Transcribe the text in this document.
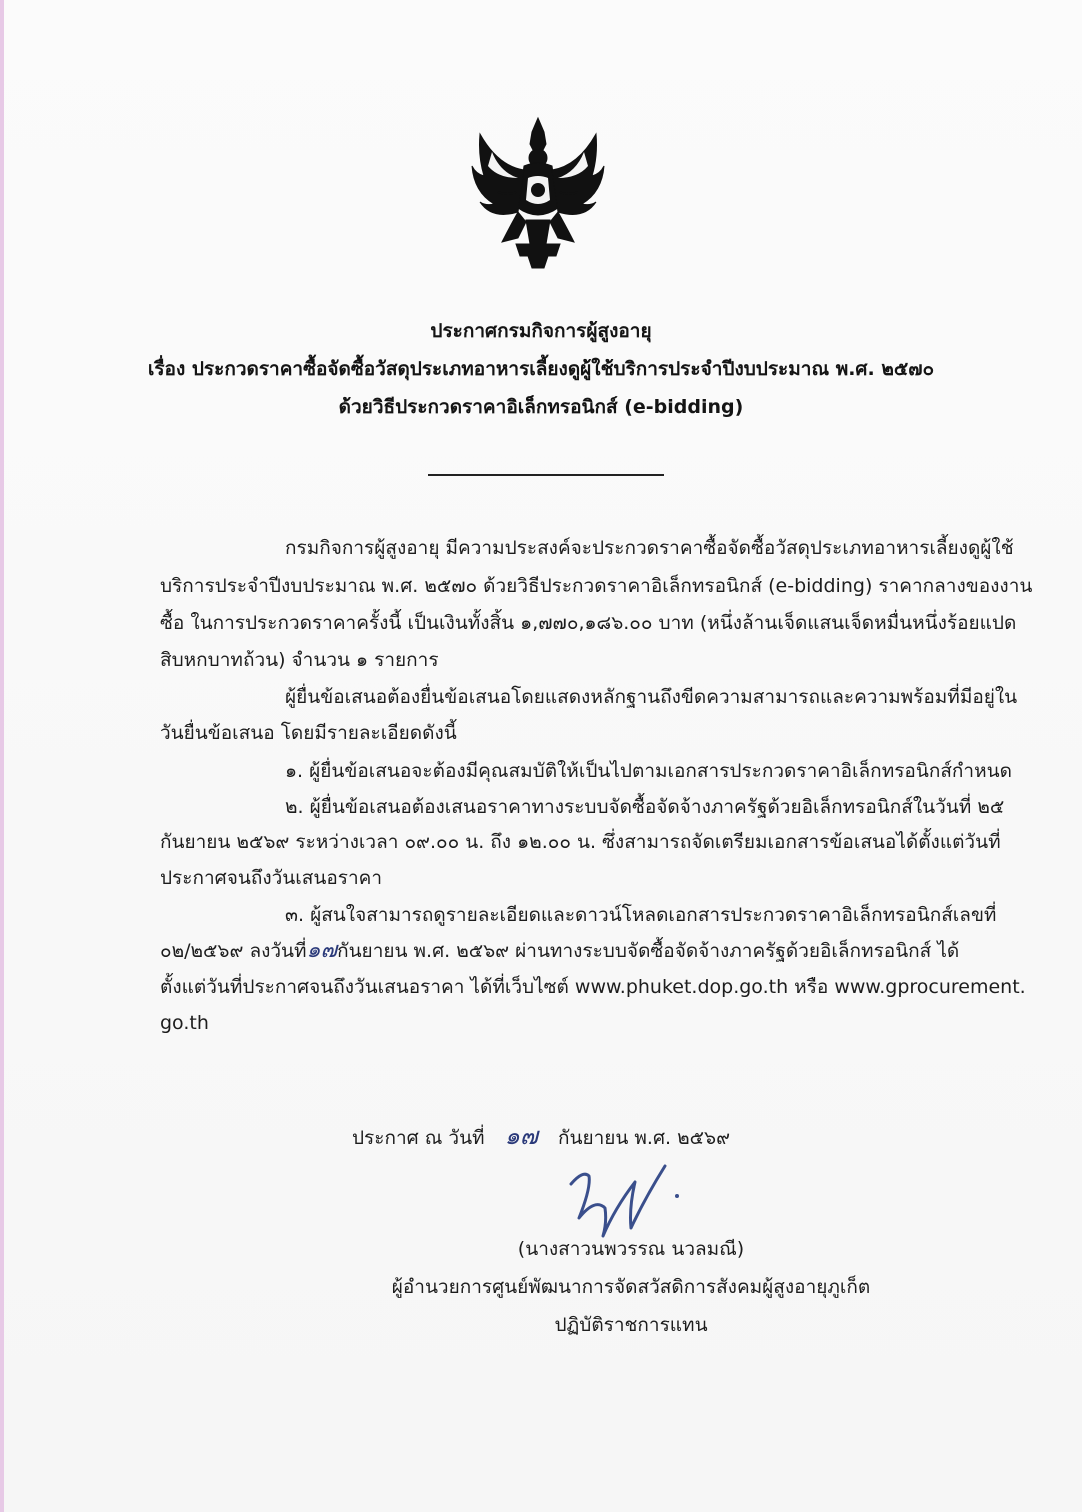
ประกาศกรมกิจการผู้สูงอายุ
เรื่อง ประกวดราคาซื้อจัดซื้อวัสดุประเภทอาหารเลี้ยงดูผู้ใช้บริการประจำปีงบประมาณ พ.ศ. ๒๕๗๐
ด้วยวิธีประกวดราคาอิเล็กทรอนิกส์ (e-bidding)
กรมกิจการผู้สูงอายุ มีความประสงค์จะประกวดราคาซื้อจัดซื้อวัสดุประเภทอาหารเลี้ยงดูผู้ใช้
บริการประจำปีงบประมาณ พ.ศ. ๒๕๗๐ ด้วยวิธีประกวดราคาอิเล็กทรอนิกส์ (e-bidding) ราคากลางของงาน
ซื้อ ในการประกวดราคาครั้งนี้ เป็นเงินทั้งสิ้น ๑,๗๗๐,๑๘๖.๐๐ บาท (หนึ่งล้านเจ็ดแสนเจ็ดหมื่นหนึ่งร้อยแปด
สิบหกบาทถ้วน) จำนวน ๑ รายการ
ผู้ยื่นข้อเสนอต้องยื่นข้อเสนอโดยแสดงหลักฐานถึงขีดความสามารถและความพร้อมที่มีอยู่ใน
วันยื่นข้อเสนอ โดยมีรายละเอียดดังนี้
๑. ผู้ยื่นข้อเสนอจะต้องมีคุณสมบัติให้เป็นไปตามเอกสารประกวดราคาอิเล็กทรอนิกส์กำหนด
๒. ผู้ยื่นข้อเสนอต้องเสนอราคาทางระบบจัดซื้อจัดจ้างภาครัฐด้วยอิเล็กทรอนิกส์ในวันที่ ๒๕
กันยายน ๒๕๖๙ ระหว่างเวลา ๐๙.๐๐ น. ถึง ๑๒.๐๐ น. ซึ่งสามารถจัดเตรียมเอกสารข้อเสนอได้ตั้งแต่วันที่
ประกาศจนถึงวันเสนอราคา
๓. ผู้สนใจสามารถดูรายละเอียดและดาวน์โหลดเอกสารประกวดราคาอิเล็กทรอนิกส์เลขที่
๐๒/๒๕๖๙ ลงวันที่ ๑๗ กันยายน พ.ศ. ๒๕๖๙ ผ่านทางระบบจัดซื้อจัดจ้างภาครัฐด้วยอิเล็กทรอนิกส์ ได้
ตั้งแต่วันที่ประกาศจนถึงวันเสนอราคา ได้ที่เว็บไซต์ www.phuket.dop.go.th หรือ www.gprocurement.
go.th
ประกาศ ณ วันที่ ๑๗ กันยายน พ.ศ. ๒๕๖๙
(นางสาวนพวรรณ นวลมณี)
ผู้อำนวยการศูนย์พัฒนาการจัดสวัสดิการสังคมผู้สูงอายุภูเก็ต
ปฏิบัติราชการแทน
